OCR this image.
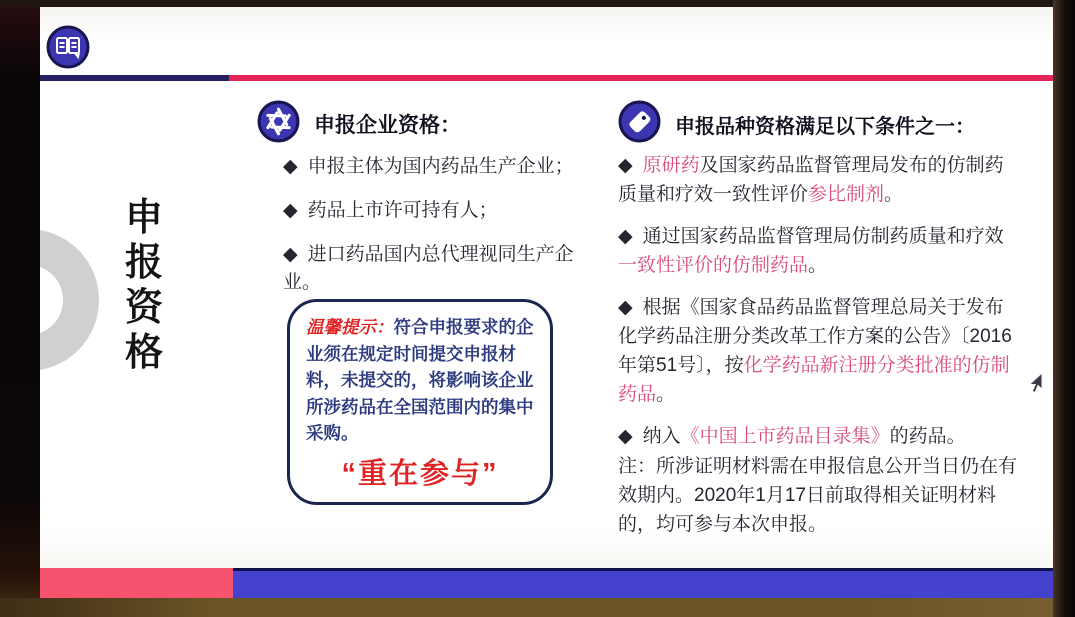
申报资格
申报企业资格：

◆ 申报主体为国内药品生产企业；

◆ 药品上市许可持有人；

◆ 进口药品国内总代理视同生产企业。

温馨提示：符合申报要求的企业须在规定时间提交申报材料，未提交的，将影响该企业所涉药品在全国范围内的集中采购。
“重在参与”
申报品种资格满足以下条件之一：

◆ 原研药及国家药品监督管理局发布的仿制药质量和疗效一致性评价参比制剂。

◆ 通过国家药品监督管理局仿制药质量和疗效一致性评价的仿制药品。

◆ 根据《国家食品药品监督管理总局关于发布化学药品注册分类改革工作方案的公告》〔2016年第51号〕，按化学药品新注册分类批准的仿制药品。

◆ 纳入《中国上市药品目录集》的药品。

注：所涉证明材料需在申报信息公开当日仍在有效期内。2020年1月17日前取得相关证明材料的，均可参与本次申报。
